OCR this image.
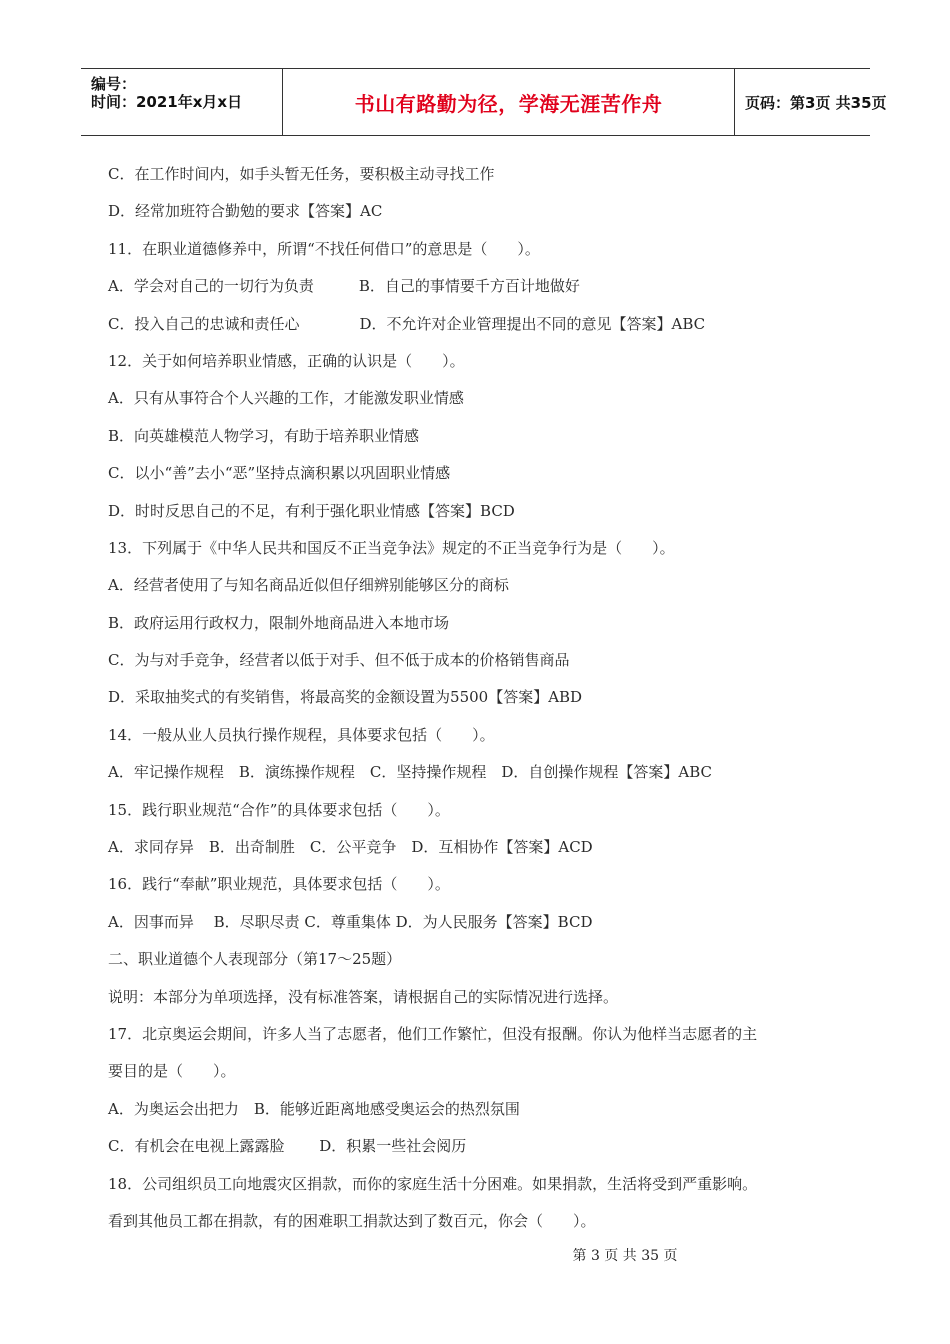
编号：
时间：2021年x月x日	书山有路勤为径，学海无涯苦作舟	页码：第3页 共35页
C．在工作时间内，如手头暂无任务，要积极主动寻找工作
D．经常加班符合勤勉的要求【答案】AC
11．在职业道德修养中，所谓“不找任何借口”的意思是（　　）。
A．学会对自己的一切行为负责　　　B．自己的事情要千方百计地做好
C．投入自己的忠诚和责任心　　　　D．不允许对企业管理提出不同的意见【答案】ABC
12．关于如何培养职业情感，正确的认识是（　　）。
A．只有从事符合个人兴趣的工作，才能激发职业情感
B．向英雄模范人物学习，有助于培养职业情感
C．以小“善”去小“恶”坚持点滴积累以巩固职业情感
D．时时反思自己的不足，有利于强化职业情感【答案】BCD
13．下列属于《中华人民共和国反不正当竞争法》规定的不正当竞争行为是（　　）。
A．经营者使用了与知名商品近似但仔细辨别能够区分的商标
B．政府运用行政权力，限制外地商品进入本地市场
C．为与对手竞争，经营者以低于对手、但不低于成本的价格销售商品
D．采取抽奖式的有奖销售，将最高奖的金额设置为5500【答案】ABD
14．一般从业人员执行操作规程，具体要求包括（　　）。
A．牢记操作规程　B．演练操作规程　C．坚持操作规程　D．自创操作规程【答案】ABC
15．践行职业规范“合作”的具体要求包括（　　）。
A．求同存异　B．出奇制胜　C．公平竞争　D．互相协作【答案】ACD
16．践行“奉献”职业规范，具体要求包括（　　）。
A．因事而异　 B．尽职尽责 C．尊重集体 D．为人民服务【答案】BCD
二、职业道德个人表现部分（第17～25题）
说明：本部分为单项选择，没有标准答案，请根据自己的实际情况进行选择。
17．北京奥运会期间，许多人当了志愿者，他们工作繁忙，但没有报酬。你认为他样当志愿者的主
要目的是（　　）。
A．为奥运会出把力　B．能够近距离地感受奥运会的热烈氛围
C．有机会在电视上露露脸　　 D．积累一些社会阅历
18．公司组织员工向地震灾区捐款，而你的家庭生活十分困难。如果捐款，生活将受到严重影响。
看到其他员工都在捐款，有的困难职工捐款达到了数百元，你会（　　）。
第 3 页 共 35 页
